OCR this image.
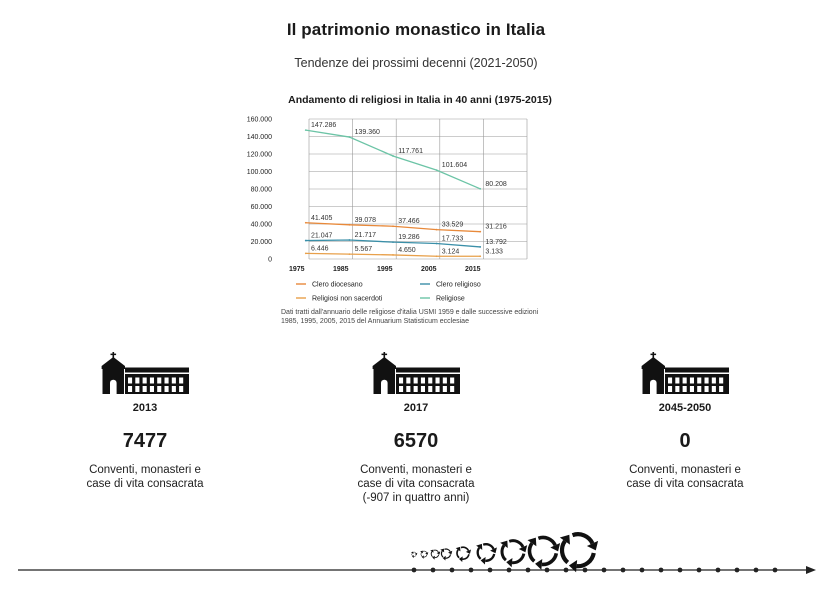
Il patrimonio monastico in Italia
Tendenze dei prossimi decenni (2021-2050)
Andamento di religiosi in Italia in 40 anni (1975-2015)
0
20.000
40.000
60.000
80.000
100.000
120.000
140.000
160.000
1975	1985	1995	2005	2015
41.405	39.078	37.466	33.529	31.216
21.047	21.717	19.286	17.733	13.792
6.446	5.567	4.650	3.124	3.133
147.286
139.360
117.761
101.604
80.208
Clero diocesano	Clero religioso
Religiosi non sacerdoti	Religiose
Dati tratti dall'annuario delle religiose d'italia USMI 1959 e dalle successive edizioni 1985, 1995, 2005, 2015 del Annuarium Statisticum ecclesiae
2013
7477
Conventi, monasteri e
case di vita consacrata
2017
6570
Conventi, monasteri e
case di vita consacrata
(-907 in quattro anni)
2045-2050
0
Conventi, monasteri e
case di vita consacrata
